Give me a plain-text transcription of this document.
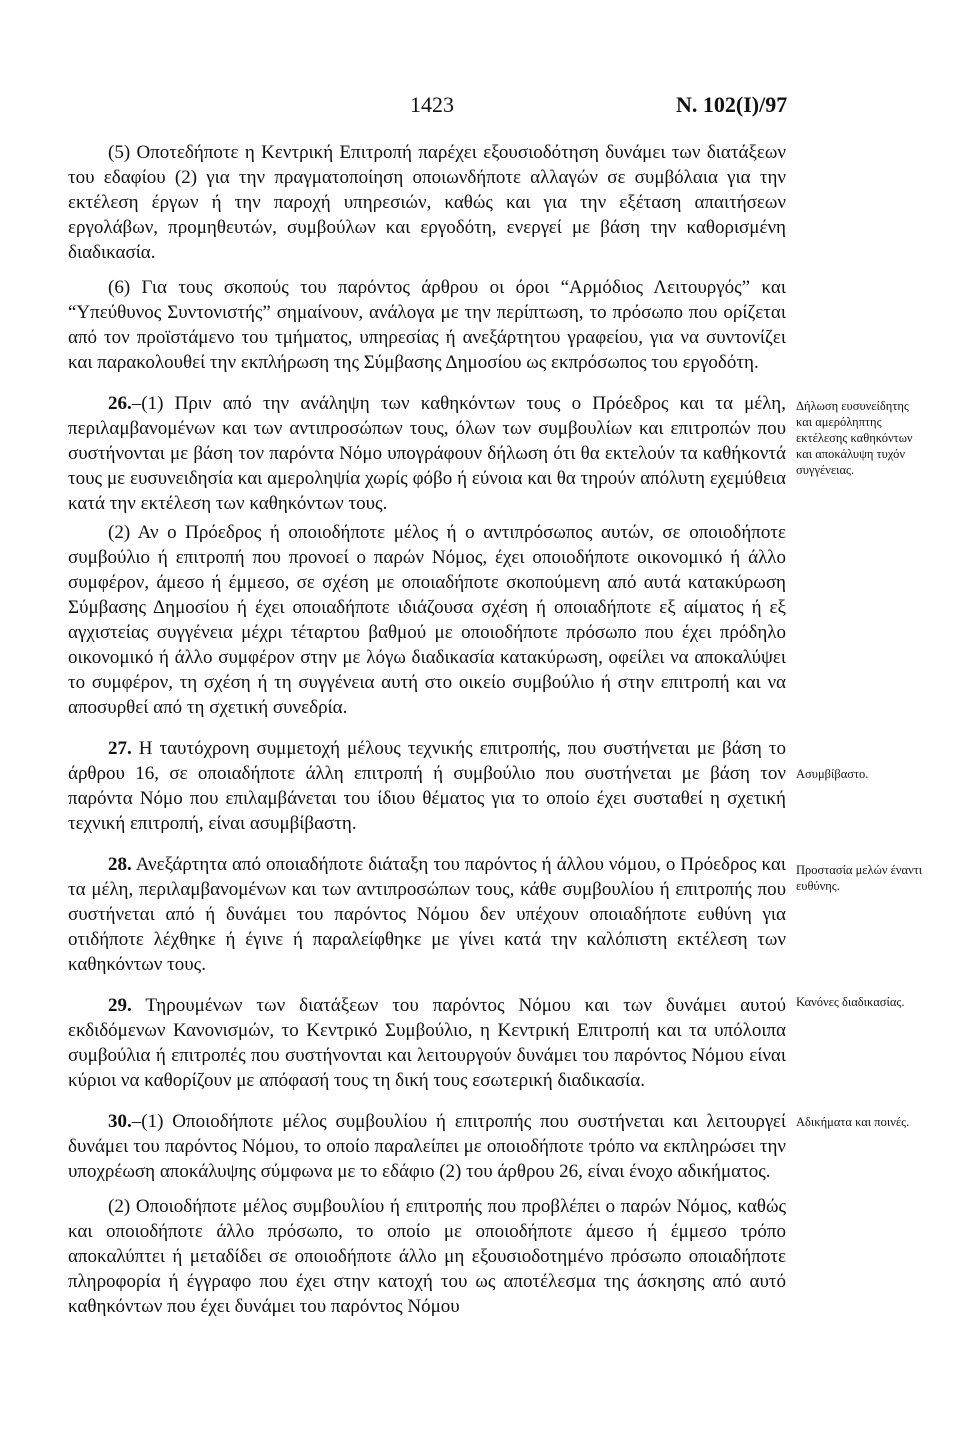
1423	Ν. 102(Ι)/97

(5) Οποτεδήποτε η Κεντρική Επιτροπή παρέχει εξουσιοδότηση δυνάμει των διατάξεων του εδαφίου (2) για την πραγματοποίηση οποιωνδήποτε αλλαγών σε συμβόλαια για την εκτέλεση έργων ή την παροχή υπηρεσιών, καθώς και για την εξέταση απαιτήσεων εργολάβων, προμηθευτών, συμβούλων και εργοδότη, ενεργεί με βάση την καθορισμένη διαδικασία.

(6) Για τους σκοπούς του παρόντος άρθρου οι όροι “Αρμόδιος Λειτουργός” και “Υπεύθυνος Συντονιστής” σημαίνουν, ανάλογα με την περίπτωση, το πρόσωπο που ορίζεται από τον προϊστάμενο του τμήματος, υπηρεσίας ή ανεξάρτητου γραφείου, για να συντονίζει και παρακολουθεί την εκπλήρωση της Σύμβασης Δημοσίου ως εκπρόσωπος του εργοδότη.

26.–(1) Πριν από την ανάληψη των καθηκόντων τους ο Πρόεδρος και τα μέλη, περιλαμβανομένων και των αντιπροσώπων τους, όλων των συμβουλίων και επιτροπών που συστήνονται με βάση τον παρόντα Νόμο υπογράφουν δήλωση ότι θα εκτελούν τα καθήκοντά τους με ευσυνειδησία και αμεροληψία χωρίς φόβο ή εύνοια και θα τηρούν απόλυτη εχεμύθεια κατά την εκτέλεση των καθηκόντων τους.

(2) Αν ο Πρόεδρος ή οποιοδήποτε μέλος ή ο αντιπρόσωπος αυτών, σε οποιοδήποτε συμβούλιο ή επιτροπή που προνοεί ο παρών Νόμος, έχει οποιοδήποτε οικονομικό ή άλλο συμφέρον, άμεσο ή έμμεσο, σε σχέση με οποιαδήποτε σκοπούμενη από αυτά κατακύρωση Σύμβασης Δημοσίου ή έχει οποιαδήποτε ιδιάζουσα σχέση ή οποιαδήποτε εξ αίματος ή εξ αγχιστείας συγγένεια μέχρι τέταρτου βαθμού με οποιοδήποτε πρόσωπο που έχει πρόδηλο οικονομικό ή άλλο συμφέρον στην με λόγω διαδικασία κατακύρωση, οφείλει να αποκαλύψει το συμφέρον, τη σχέση ή τη συγγένεια αυτή στο οικείο συμβούλιο ή στην επιτροπή και να αποσυρθεί από τη σχετική συνεδρία.

27. Η ταυτόχρονη συμμετοχή μέλους τεχνικής επιτροπής, που συστήνεται με βάση το άρθρου 16, σε οποιαδήποτε άλλη επιτροπή ή συμβούλιο που συστήνεται με βάση τον παρόντα Νόμο που επιλαμβάνεται του ίδιου θέματος για το οποίο έχει συσταθεί η σχετική τεχνική επιτροπή, είναι ασυμβίβαστη.

28. Ανεξάρτητα από οποιαδήποτε διάταξη του παρόντος ή άλλου νόμου, ο Πρόεδρος και τα μέλη, περιλαμβανομένων και των αντιπροσώπων τους, κάθε συμβουλίου ή επιτροπής που συστήνεται από ή δυνάμει του παρόντος Νόμου δεν υπέχουν οποιαδήποτε ευθύνη για οτιδήποτε λέχθηκε ή έγινε ή παραλείφθηκε με γίνει κατά την καλόπιστη εκτέλεση των καθηκόντων τους.

29. Τηρουμένων των διατάξεων του παρόντος Νόμου και των δυνάμει αυτού εκδιδόμενων Κανονισμών, το Κεντρικό Συμβούλιο, η Κεντρική Επιτροπή και τα υπόλοιπα συμβούλια ή επιτροπές που συστήνονται και λειτουργούν δυνάμει του παρόντος Νόμου είναι κύριοι να καθορίζουν με απόφασή τους τη δική τους εσωτερική διαδικασία.

30.–(1) Οποιοδήποτε μέλος συμβουλίου ή επιτροπής που συστήνεται και λειτουργεί δυνάμει του παρόντος Νόμου, το οποίο παραλείπει με οποιοδήποτε τρόπο να εκπληρώσει την υποχρέωση αποκάλυψης σύμφωνα με το εδάφιο (2) του άρθρου 26, είναι ένοχο αδικήματος.

(2) Οποιοδήποτε μέλος συμβουλίου ή επιτροπής που προβλέπει ο παρών Νόμος, καθώς και οποιοδήποτε άλλο πρόσωπο, το οποίο με οποιοδήποτε άμεσο ή έμμεσο τρόπο αποκαλύπτει ή μεταδίδει σε οποιοδήποτε άλλο μη εξουσιοδοτημένο πρόσωπο οποιαδήποτε πληροφορία ή έγγραφο που έχει στην κατοχή του ως αποτέλεσμα της άσκησης από αυτό καθηκόντων που έχει δυνάμει του παρόντος Νόμου

Δήλωση ευσυνείδητης και αμερόληπτης εκτέλεσης καθηκόντων και αποκάλυψη τυχόν συγγένειας.
Ασυμβίβαστο.
Προστασία μελών έναντι ευθύνης.
Κανόνες διαδικασίας.
Αδικήματα και ποινές.
